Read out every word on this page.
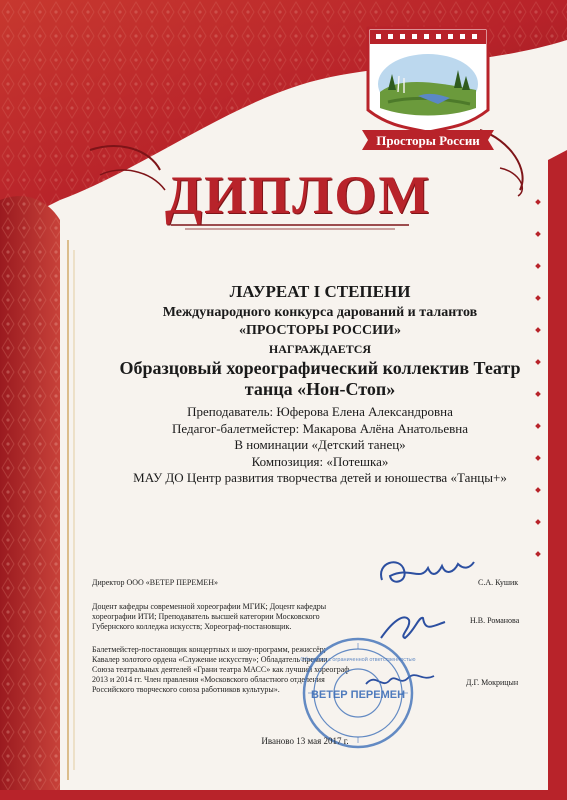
Просторы России
ДИПЛОМ
ЛАУРЕАТ I СТЕПЕНИ
Международного конкурса дарований и талантов
«ПРОСТОРЫ РОССИИ»
НАГРАЖДАЕТСЯ
Образцовый хореографический коллектив Театр
танца «Нон-Стоп»
Преподаватель: Юферова Елена Александровна
Педагог-балетмейстер: Макарова Алёна Анатольевна
В номинации «Детский танец»
Композиция: «Потешка»
МАУ ДО Центр развития творчества детей и юношества «Танцы+»
Директор ООО «ВЕТЕР ПЕРЕМЕН»	С.А. Кушик
Доцент кафедры современной хореографии МГИК; Доцент кафедры
хореографии ИТИ; Преподаватель высшей категории Московского
Губернского колледжа искусств; Хореограф-постановщик.
Н.В. Романова
Балетмейстер-постановщик концертных и шоу-программ, режиссёр;
Кавалер золотого ордена «Служение искусству»; Обладатель премии
Союза театральных деятелей «Грани театра МАСС» как лучший хореограф
2013 и 2014 гг. Член правления «Московского областного отделения
Российского творческого союза работников культуры».
Д.Г. Мокрицын
ВЕТЕР ПЕРЕМЕН
Общество с ограниченной ответственностью
Иваново 13 мая 2017 г.
